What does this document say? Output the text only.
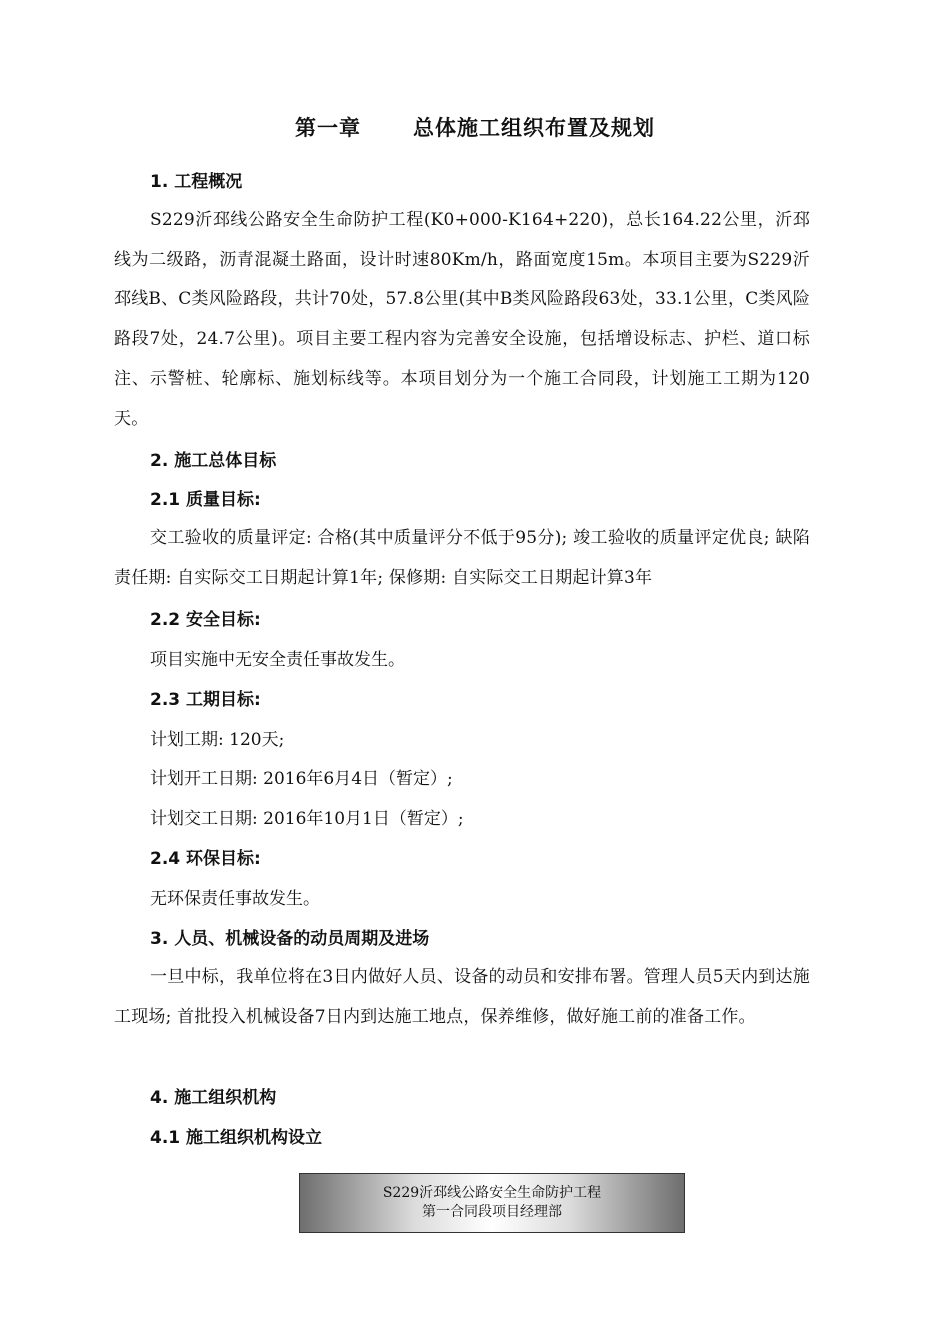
第一章 总体施工组织布置及规划
1. 工程概况
S229沂邳线公路安全生命防护工程(K0+000-K164+220)，总长164.22公里，沂邳线为二级路，沥青混凝土路面，设计时速80Km/h，路面宽度15m。本项目主要为S229沂邳线B、C类风险路段，共计70处，57.8公里(其中B类风险路段63处，33.1公里，C类风险路段7处，24.7公里)。项目主要工程内容为完善安全设施，包括增设标志、护栏、道口标注、示警桩、轮廓标、施划标线等。本项目划分为一个施工合同段，计划施工工期为120天。
2. 施工总体目标
2.1 质量目标:
交工验收的质量评定: 合格(其中质量评分不低于95分); 竣工验收的质量评定优良; 缺陷责任期: 自实际交工日期起计算1年; 保修期: 自实际交工日期起计算3年
2.2 安全目标:
项目实施中无安全责任事故发生。
2.3 工期目标:
计划工期: 120天;
计划开工日期: 2016年6月4日（暂定）;
计划交工日期: 2016年10月1日（暂定）;
2.4 环保目标:
无环保责任事故发生。
3. 人员、机械设备的动员周期及进场
一旦中标，我单位将在3日内做好人员、设备的动员和安排布署。管理人员5天内到达施工现场; 首批投入机械设备7日内到达施工地点，保养维修，做好施工前的准备工作。
4. 施工组织机构
4.1 施工组织机构设立
S229沂邳线公路安全生命防护工程
第一合同段项目经理部
